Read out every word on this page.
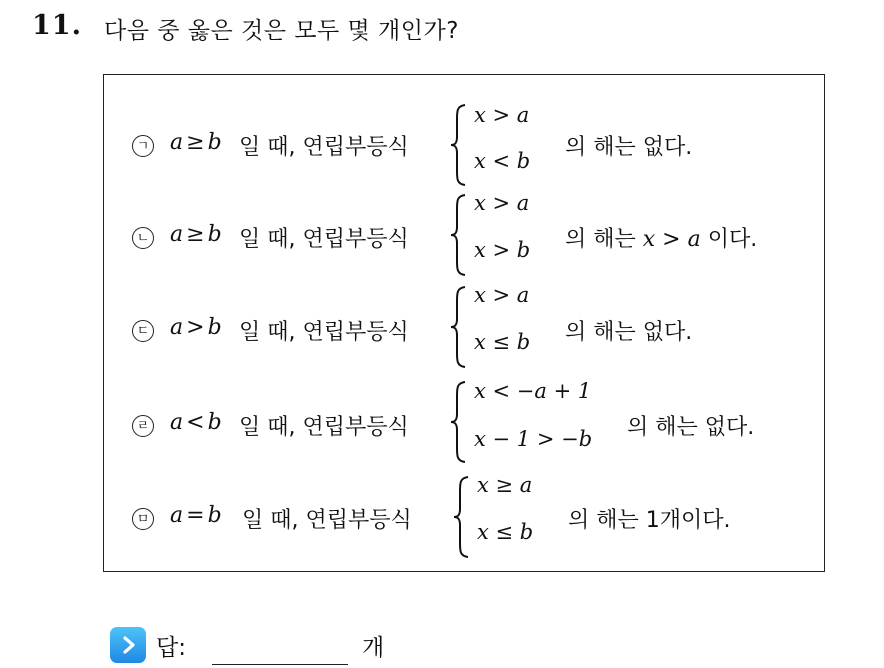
11. 다음 중 옳은 것은 모두 몇 개인가?
ㄱ a ≥ b 일 때, 연립부등식
x > a
x < b
의 해는 없다.
ㄴ a ≥ b 일 때, 연립부등식
x > a
x > b 의 해는 x > a 이다.
ㄷ a > b 일 때, 연립부등식
x > a
x ≤ b 의 해는 없다.
ㄹ a < b 일 때, 연립부등식
x < −a + 1
x − 1 > −b 의 해는 없다.
ㅁ a = b 일 때, 연립부등식
x ≥ a
x ≤ b 의 해는 1개이다.
답:	개
